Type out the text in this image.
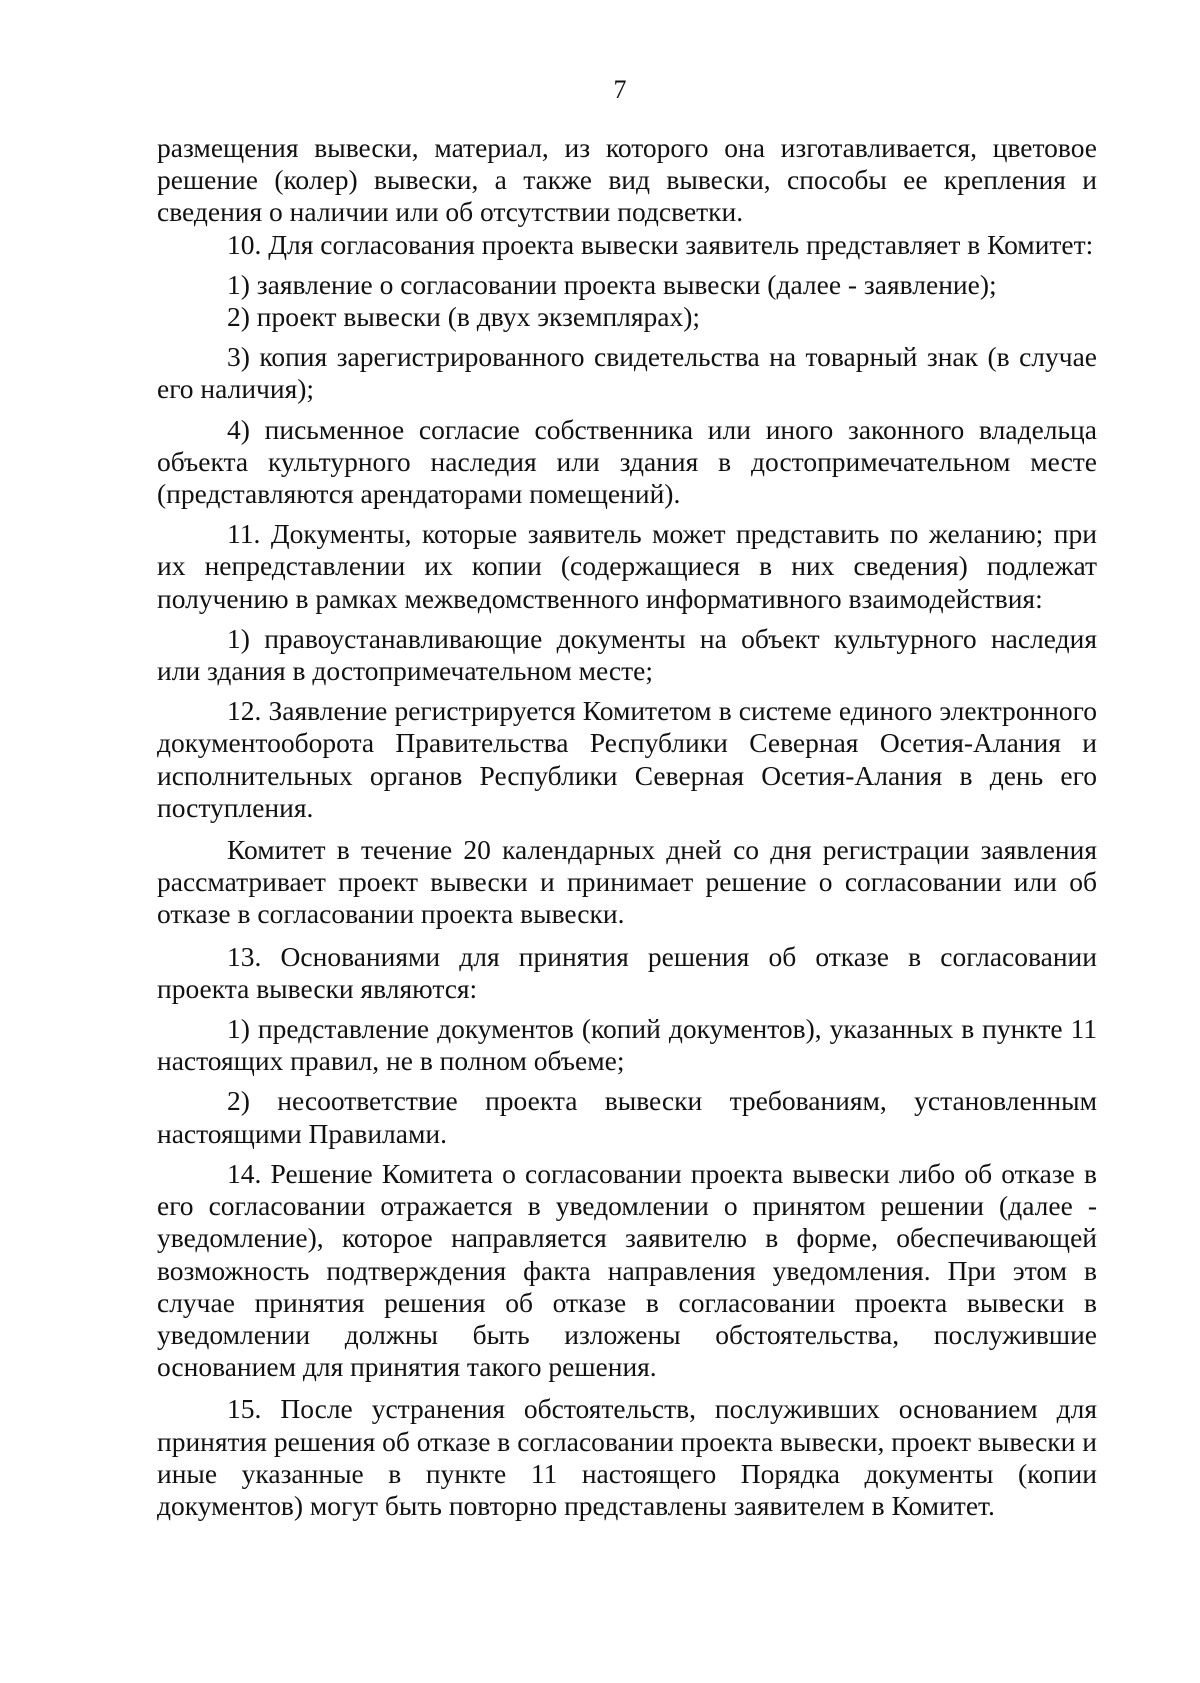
7

размещения вывески, материал, из которого она изготавливается, цветовое решение (колер) вывески, а также вид вывески, способы ее крепления и сведения о наличии или об отсутствии подсветки.

10. Для согласования проекта вывески заявитель представляет в Комитет:

1) заявление о согласовании проекта вывески (далее - заявление);

2) проект вывески (в двух экземплярах);

3) копия зарегистрированного свидетельства на товарный знак (в случае его наличия);

4) письменное согласие собственника или иного законного владельца объекта культурного наследия или здания в достопримечательном месте (представляются арендаторами помещений).

11. Документы, которые заявитель может представить по желанию; при их непредставлении их копии (содержащиеся в них сведения) подлежат получению в рамках межведомственного информативного взаимодействия:

1) правоустанавливающие документы на объект культурного наследия или здания в достопримечательном месте;

12. Заявление регистрируется Комитетом в системе единого электронного документооборота Правительства Республики Северная Осетия-Алания и исполнительных органов Республики Северная Осетия-Алания в день его поступления.

Комитет в течение 20 календарных дней со дня регистрации заявления рассматривает проект вывески и принимает решение о согласовании или об отказе в согласовании проекта вывески.

13. Основаниями для принятия решения об отказе в согласовании проекта вывески являются:

1) представление документов (копий документов), указанных в пункте 11 настоящих правил, не в полном объеме;

2) несоответствие проекта вывески требованиям, установленным настоящими Правилами.

14. Решение Комитета о согласовании проекта вывески либо об отказе в его согласовании отражается в уведомлении о принятом решении (далее - уведомление), которое направляется заявителю в форме, обеспечивающей возможность подтверждения факта направления уведомления. При этом в случае принятия решения об отказе в согласовании проекта вывески в уведомлении должны быть изложены обстоятельства, послужившие основанием для принятия такого решения.

15. После устранения обстоятельств, послуживших основанием для принятия решения об отказе в согласовании проекта вывески, проект вывески и иные указанные в пункте 11 настоящего Порядка документы (копии документов) могут быть повторно представлены заявителем в Комитет.
